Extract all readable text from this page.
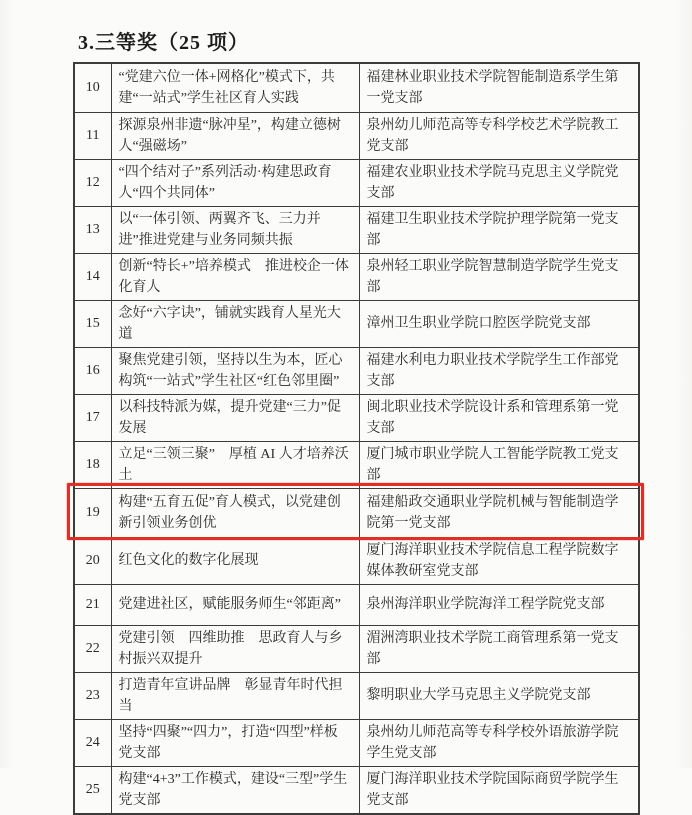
3.三等奖（25 项）
10	“党建六位一体+网格化”模式下，共建“一站式”学生社区育人实践	福建林业职业技术学院智能制造系学生第一党支部
11	探源泉州非遗“脉冲星”，构建立德树人“强磁场”	泉州幼儿师范高等专科学校艺术学院教工党支部
12	“四个结对子”系列活动·构建思政育人“四个共同体”	福建农业职业技术学院马克思主义学院党支部
13	以“一体引领、两翼齐飞、三力并进”推进党建与业务同频共振	福建卫生职业技术学院护理学院第一党支部
14	创新“特长+”培养模式　推进校企一体化育人	泉州轻工职业学院智慧制造学院学生党支部
15	念好“六字诀”，铺就实践育人星光大道	漳州卫生职业学院口腔医学院党支部
16	聚焦党建引领，坚持以生为本，匠心构筑“一站式”学生社区“红色邻里圈”	福建水利电力职业技术学院学生工作部党支部
17	以科技特派为媒，提升党建“三力”促发展	闽北职业技术学院设计系和管理系第一党支部
18	立足“三领三聚”　厚植 AI 人才培养沃土	厦门城市职业学院人工智能学院教工党支部
19	构建“五育五促”育人模式，以党建创新引领业务创优	福建船政交通职业学院机械与智能制造学院第一党支部
20	红色文化的数字化展现	厦门海洋职业技术学院信息工程学院数字媒体教研室党支部
21	党建进社区，赋能服务师生“邻距离”	泉州海洋职业学院海洋工程学院党支部
22	党建引领　四维助推　思政育人与乡村振兴双提升	湄洲湾职业技术学院工商管理系第一党支部
23	打造青年宣讲品牌　彰显青年时代担当	黎明职业大学马克思主义学院党支部
24	坚持“四聚”“四力”，打造“四型”样板党支部	泉州幼儿师范高等专科学校外语旅游学院学生党支部
25	构建“4+3”工作模式，建设“三型”学生党支部	厦门海洋职业技术学院国际商贸学院学生党支部
